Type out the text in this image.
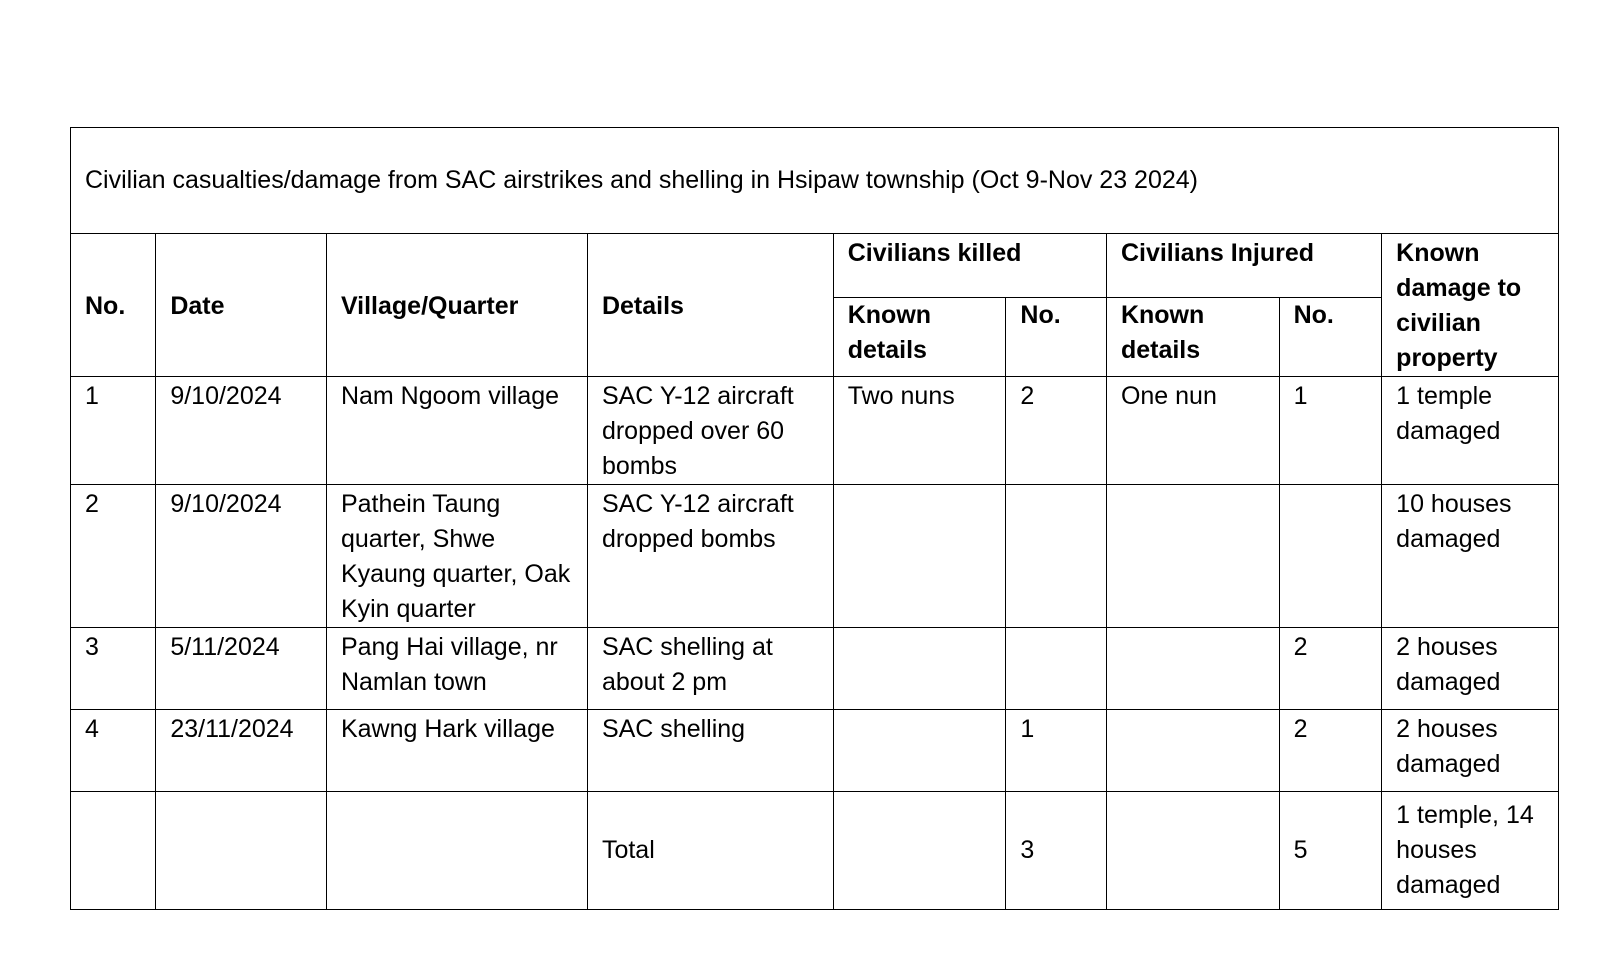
Civilian casualties/damage from SAC airstrikes and shelling in Hsipaw township (Oct 9-Nov 23 2024)								
No.	Date	Village/Quarter	Details	Civilians killed		Civilians Injured		Known damage to civilian property
				Known details	No.	Known details	No.	
1	9/10/2024	Nam Ngoom village	SAC Y-12 aircraft dropped over 60 bombs	Two nuns	2	One nun	1	1 temple damaged
2	9/10/2024	Pathein Taung quarter, Shwe Kyaung quarter, Oak Kyin quarter	SAC Y-12 aircraft dropped bombs					10 houses damaged
3	5/11/2024	Pang Hai village, nr Namlan town	SAC shelling at about 2 pm				2	2 houses damaged
4	23/11/2024	Kawng Hark village	SAC shelling		1		2	2 houses damaged
			Total		3		5	1 temple, 14 houses damaged
